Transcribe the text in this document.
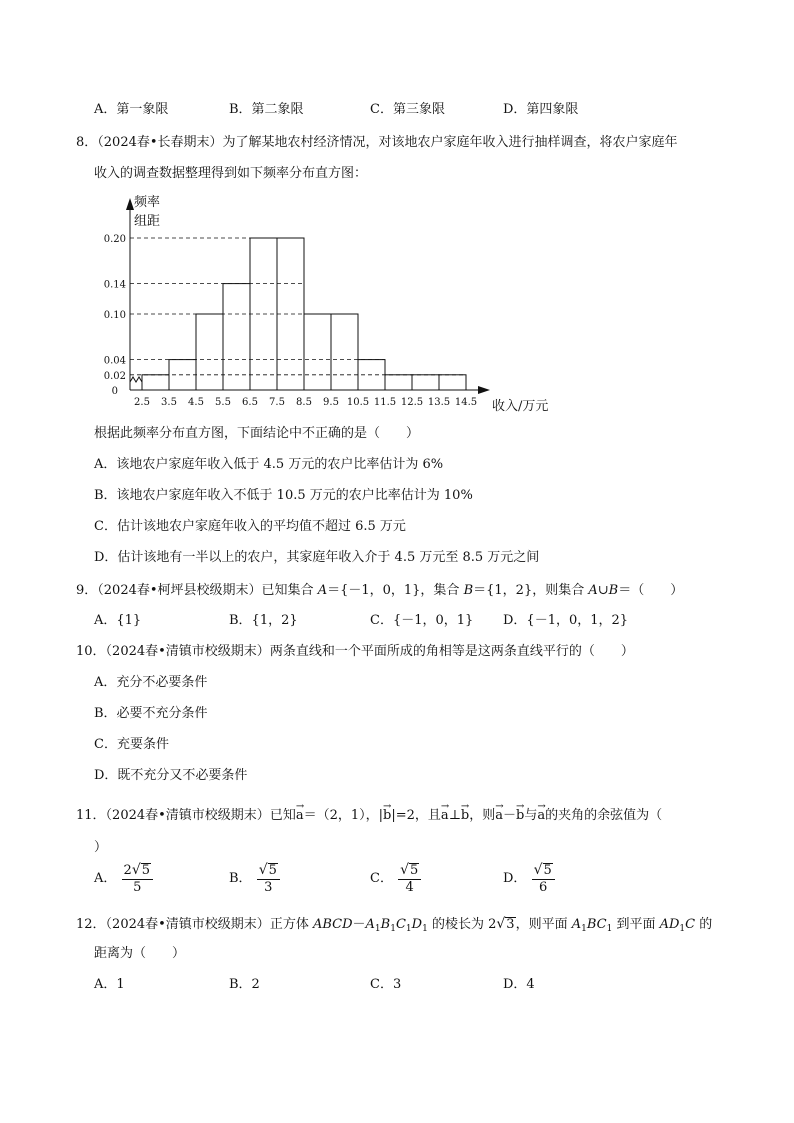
A．第一象限	B．第二象限	C．第三象限	D．第四象限
8．（2024春•长春期末）为了解某地农村经济情况，对该地农户家庭年收入进行抽样调查，将农户家庭年
收入的调查数据整理得到如下频率分布直方图：
0.02
0.04
0.10
0.14
0.20
0
2.5 3.5 4.5 5.5 6.5 7.5 8.5 9.5 10.5 11.5 12.5 13.5 14.5
频率
组距
收入/万元
根据此频率分布直方图，下面结论中不正确的是（　　）
A．该地农户家庭年收入低于 4.5 万元的农户比率估计为 6%
B．该地农户家庭年收入不低于 10.5 万元的农户比率估计为 10%
C．估计该地农户家庭年收入的平均值不超过 6.5 万元
D．估计该地有一半以上的农户，其家庭年收入介于 4.5 万元至 8.5 万元之间
9．（2024春•柯坪县校级期末）已知集合 A＝{－1，0，1}，集合 B＝{1，2}，则集合 A∪B＝（　　）
A．{1}	B．{1，2}	C．{－1，0，1} D．{－1，0，1，2}
10．（2024春•清镇市校级期末）两条直线和一个平面所成的角相等是这两条直线平行的（　　）
A．充分不必要条件
B．必要不充分条件
C．充要条件
D．既不充分又不必要条件
11．（2024春•清镇市校级期末）已知→ a＝（2，1），|→ b|=2，且→ a⊥→ b，则→ a－→ b与→ a的夹角的余弦值为（
）
A． $\frac{2 √ 5}{5}$	B． $\frac{√ 5}{3}$	C． $\frac{√ 5}{4}$	D． $\frac{√ 5}{6}$
12．（2024春•清镇市校级期末）正方体 $ABCD-A_1B_1C_1D_1$ 的棱长为 2 √ 3 ，则平面 $A_1BC_1$ 到平面 $AD_1C$ 的
距离为（　　）
A．1	B．2	C．3	D．4
